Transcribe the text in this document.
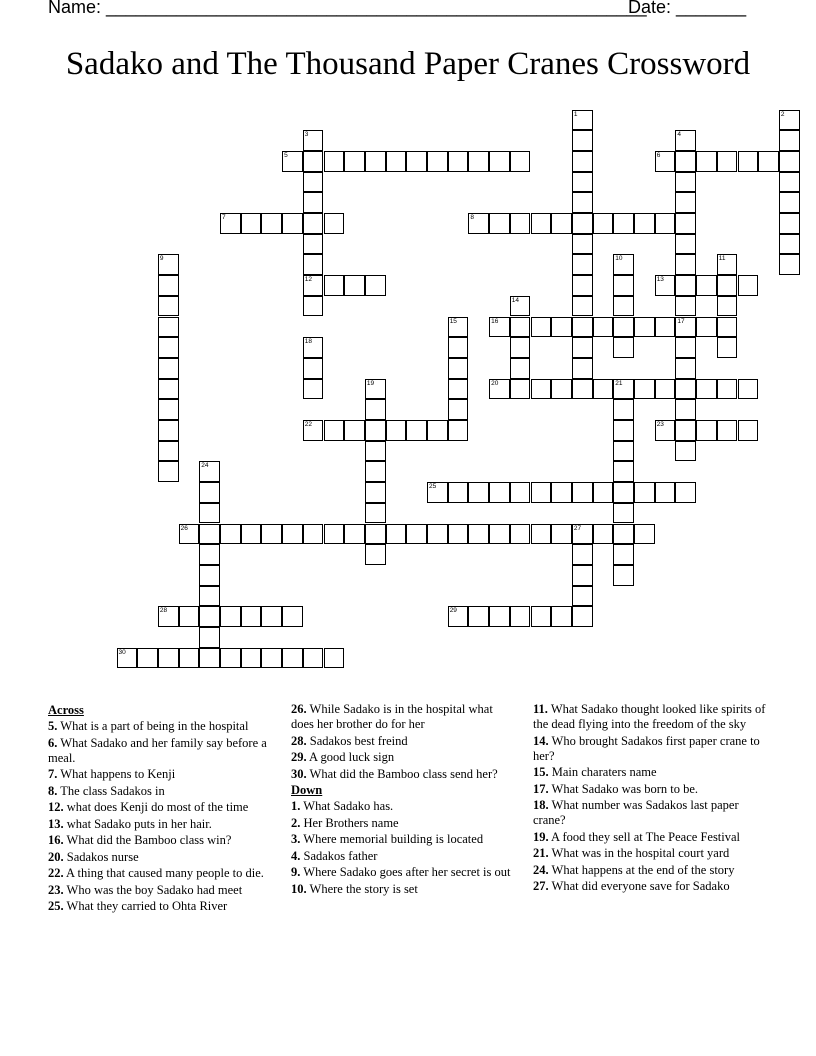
Name: ______________________________________________________
Date: _______
Sadako and The Thousand Paper Cranes Crossword
5	6
7	8
12	13
16	17
20	21
22	23
25
26	27
28	29
30
1	2
3	4
9	10	11
14
15
18
19
24
Across
5. What is a part of being in the hospital
6. What Sadako and her family say before a meal.
7. What happens to Kenji
8. The class Sadakos in
12. what does Kenji do most of the time
13. what Sadako puts in her hair.
16. What did the Bamboo class win?
20. Sadakos nurse
22. A thing that caused many people to die.
23. Who was the boy Sadako had meet
25. What they carried to Ohta River
26. While Sadako is in the hospital what does her brother do for her
28. Sadakos best freind
29. A good luck sign
30. What did the Bamboo class send her?
Down
1. What Sadako has.
2. Her Brothers name
3. Where memorial building is located
4. Sadakos father
9. Where Sadako goes after her secret is out
10. Where the story is set
11. What Sadako thought looked like spirits of the dead flying into the freedom of the sky
14. Who brought Sadakos first paper crane to her?
15. Main charaters name
17. What Sadako was born to be.
18. What number was Sadakos last paper crane?
19. A food they sell at The Peace Festival
21. What was in the hospital court yard
24. What happens at the end of the story
27. What did everyone save for Sadako
